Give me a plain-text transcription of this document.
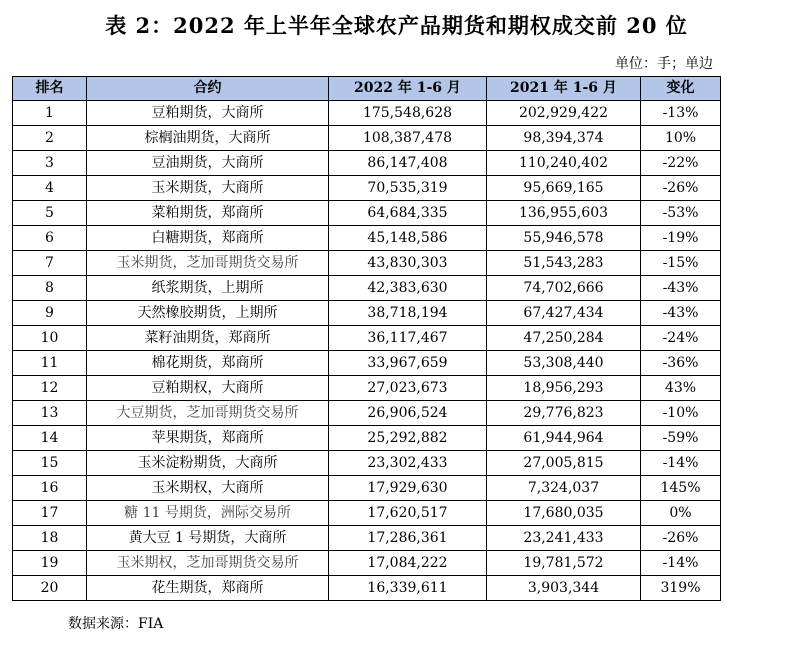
表 2：2022 年上半年全球农产品期货和期权成交前 20 位
单位：手；单边
排名	合约	2022 年 1-6 月	2021 年 1-6 月	变化
1	豆粕期货，大商所	175,548,628	202,929,422	-13%
2	棕榈油期货，大商所	108,387,478	98,394,374	10%
3	豆油期货，大商所	86,147,408	110,240,402	-22%
4	玉米期货，大商所	70,535,319	95,669,165	-26%
5	菜粕期货，郑商所	64,684,335	136,955,603	-53%
6	白糖期货，郑商所	45,148,586	55,946,578	-19%
7	玉米期货，芝加哥期货交易所	43,830,303	51,543,283	-15%
8	纸浆期货，上期所	42,383,630	74,702,666	-43%
9	天然橡胶期货，上期所	38,718,194	67,427,434	-43%
10	菜籽油期货，郑商所	36,117,467	47,250,284	-24%
11	棉花期货，郑商所	33,967,659	53,308,440	-36%
12	豆粕期权，大商所	27,023,673	18,956,293	43%
13	大豆期货，芝加哥期货交易所	26,906,524	29,776,823	-10%
14	苹果期货，郑商所	25,292,882	61,944,964	-59%
15	玉米淀粉期货，大商所	23,302,433	27,005,815	-14%
16	玉米期权，大商所	17,929,630	7,324,037	145%
17	糖 11 号期货，洲际交易所	17,620,517	17,680,035	0%
18	黄大豆 1 号期货，大商所	17,286,361	23,241,433	-26%
19	玉米期权，芝加哥期货交易所	17,084,222	19,781,572	-14%
20	花生期货，郑商所	16,339,611	3,903,344	319%
数据来源：FIA
